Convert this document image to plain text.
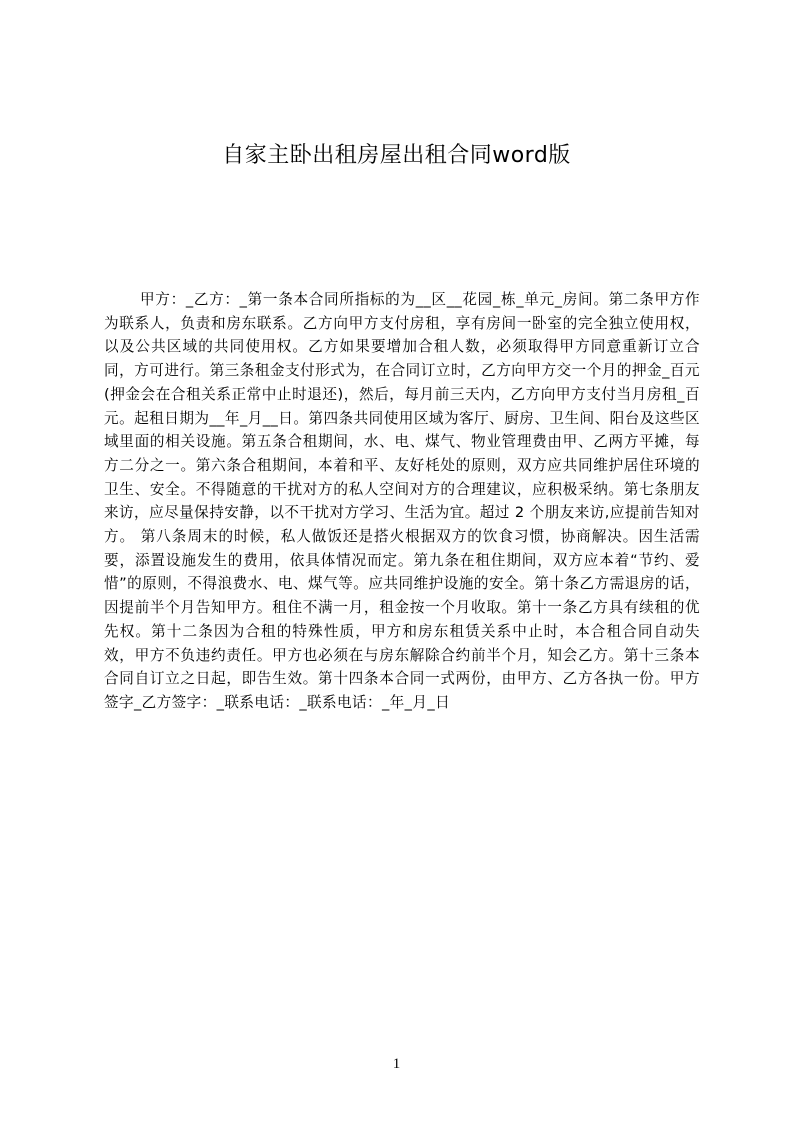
自家主卧出租房屋出租合同word版

甲方：_乙方：_第一条本合同所指标的为__区__花园_栋_单元_房间。第二条甲方作为联系人，负责和房东联系。乙方向甲方支付房租，享有房间一卧室的完全独立使用权，以及公共区域的共同使用权。乙方如果要增加合租人数，必须取得甲方同意重新订立合同，方可进行。第三条租金支付形式为，在合同订立时，乙方向甲方交一个月的押金_百元(押金会在合租关系正常中止时退还)，然后，每月前三天内，乙方向甲方支付当月房租_百元。起租日期为__年_月__日。第四条共同使用区域为客厅、厨房、卫生间、阳台及这些区域里面的相关设施。第五条合租期间，水、电、煤气、物业管理费由甲、乙两方平摊，每方二分之一。第六条合租期间，本着和平、友好枆处的原则，双方应共同维护居住环境的卫生、安全。不得随意的干扰对方的私人空间对方的合理建议，应积极采纳。第七条朋友来访，应尽量保持安静，以不干扰对方学习、生活为宜。超过 2 个朋友来访,应提前告知对方。 第八条周末的时候，私人做饭还是搭火根据双方的饮食习惯，协商解决。因生活需要，添置设施发生的费用，依具体情况而定。第九条在租住期间，双方应本着“节约、爱惜”的原则，不得浪费水、电、煤气等。应共同维护设施的安全。第十条乙方需退房的话，因提前半个月告知甲方。租住不满一月，租金按一个月收取。第十一条乙方具有续租的优先权。第十二条因为合租的特殊性质，甲方和房东租赁关系中止时，本合租合同自动失效，甲方不负违约责任。甲方也必须在与房东解除合约前半个月，知会乙方。第十三条本合同自订立之日起，即告生效。第十四条本合同一式两份，由甲方、乙方各执一份。甲方签字_乙方签字：_联系电话：_联系电话：_年_月_日

1
